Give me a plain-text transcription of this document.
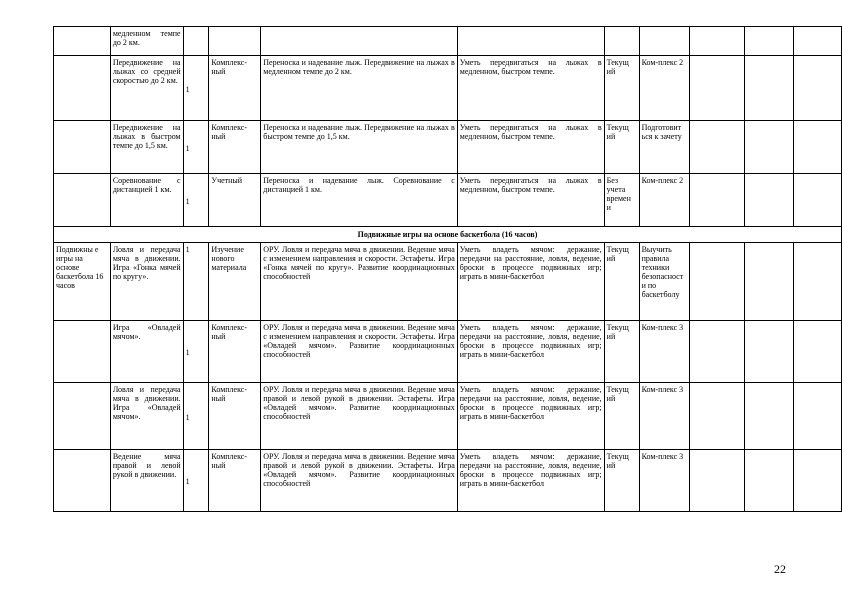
	медленном темпе до 2 км.									
	Передвижение на лыжах со средней скоростью до 2 км.	1	Комплекс-ный	Переноска и надевание лыж. Передвижение на лыжах в медленном темпе до 2 км.	Уметь передвигаться на лыжах в медленном, быстром темпе.	Текущ ий	Ком-плекс 2			
	Передвижение на лыжах в быстром темпе до 1,5 км.	1	Комплекс-ный	Переноска и надевание лыж. Передвижение на лыжах в быстром темпе до 1,5 км.	Уметь передвигаться на лыжах в медленном, быстром темпе.	Текущ ий	Подготовит ься к зачету			
	Соревнование с дистанцией 1 км.	1	Учетный	Переноска и надевание лыж. Соревнование с дистанцией 1 км.	Уметь передвигаться на лыжах в медленном, быстром темпе.	Без учета времен и	Ком-плекс 2			
Подвижные игры на основе баскетбола (16 часов)										
Подвижны е игры на основе баскетбола 16 часов	Ловля и передача мяча в движении. Игра «Гонка мячей по кругу».	1	Изучение нового материала	ОРУ. Ловля и передача мяча в движении. Ведение мяча с изменением направления и скорости. Эстафеты. Игра «Гонка мячей по кругу». Развитие координационных способностей	Уметь владеть мячом: держание, передачи на расстояние, ловля, ведение, броски в процессе подвижных игр; играть в мини-баскетбол	Текущ ий	Выучить правила техники безопасност и по баскетболу			
	Игра «Овладей мячом».	1	Комплекс-ный	ОРУ. Ловля и передача мяча в движении. Ведение мяча с изменением направления и скорости. Эстафеты. Игра «Овладей мячом». Развитие координационных способностей	Уметь владеть мячом: держание, передачи на расстояние, ловля, ведение, броски в процессе подвижных игр; играть в мини-баскетбол	Текущ ий	Ком-плекс 3			
	Ловля и передача мяча в движении. Игра «Овладей мячом».	1	Комплекс-ный	ОРУ. Ловля и передача мяча в движении. Ведение мяча правой и левой рукой в движении. Эстафеты. Игра «Овладей мячом». Развитие координационных способностей	Уметь владеть мячом: держание, передачи на расстояние, ловля, ведение, броски в процессе подвижных игр; играть в мини-баскетбол	Текущ ий	Ком-плекс 3			
	Ведение мяча правой и левой рукой в движении.	1	Комплекс-ный	ОРУ. Ловля и передача мяча в движении. Ведение мяча правой и левой рукой в движении. Эстафеты. Игра «Овладей мячом». Развитие координационных способностей	Уметь владеть мячом: держание, передачи на расстояние, ловля, ведение, броски в процессе подвижных игр; играть в мини-баскетбол	Текущ ий	Ком-плекс 3			
22
